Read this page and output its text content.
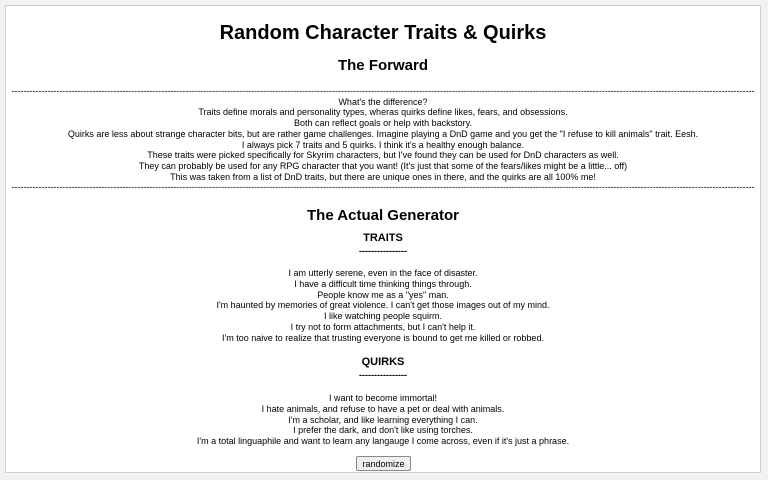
Random Character Traits & Quirks
The Forward
--------------------------------------------------------------------------------------------------------------------------------------------------------------------------------------------------------------------------------------------------------
What's the difference?
Traits define morals and personality types, wheras quirks define likes, fears, and obsessions.
Both can reflect goals or help with backstory.
Quirks are less about strange character bits, but are rather game challenges. Imagine playing a DnD game and you get the "I refuse to kill animals" trait. Eesh.
I always pick 7 traits and 5 quirks. I think it's a healthy enough balance.
These traits were picked specifically for Skyrim characters, but I've found they can be used for DnD characters as well.
They can probably be used for any RPG character that you want! (It's just that some of the fears/likes might be a little... off)
This was taken from a list of DnD traits, but there are unique ones in there, and the quirks are all 100% me!
--------------------------------------------------------------------------------------------------------------------------------------------------------------------------------------------------------------------------------------------------------
The Actual Generator
TRAITS
----------------
I am utterly serene, even in the face of disaster.
I have a difficult time thinking things through.
People know me as a "yes" man.
I'm haunted by memories of great violence. I can't get those images out of my mind.
I like watching people squirm.
I try not to form attachments, but I can't help it.
I'm too naive to realize that trusting everyone is bound to get me killed or robbed.
QUIRKS
----------------
I want to become immortal!
I hate animals, and refuse to have a pet or deal with animals.
I'm a scholar, and like learning everything I can.
I prefer the dark, and don't like using torches.
I'm a total linguaphile and want to learn any langauge I come across, even if it's just a phrase.
randomize
